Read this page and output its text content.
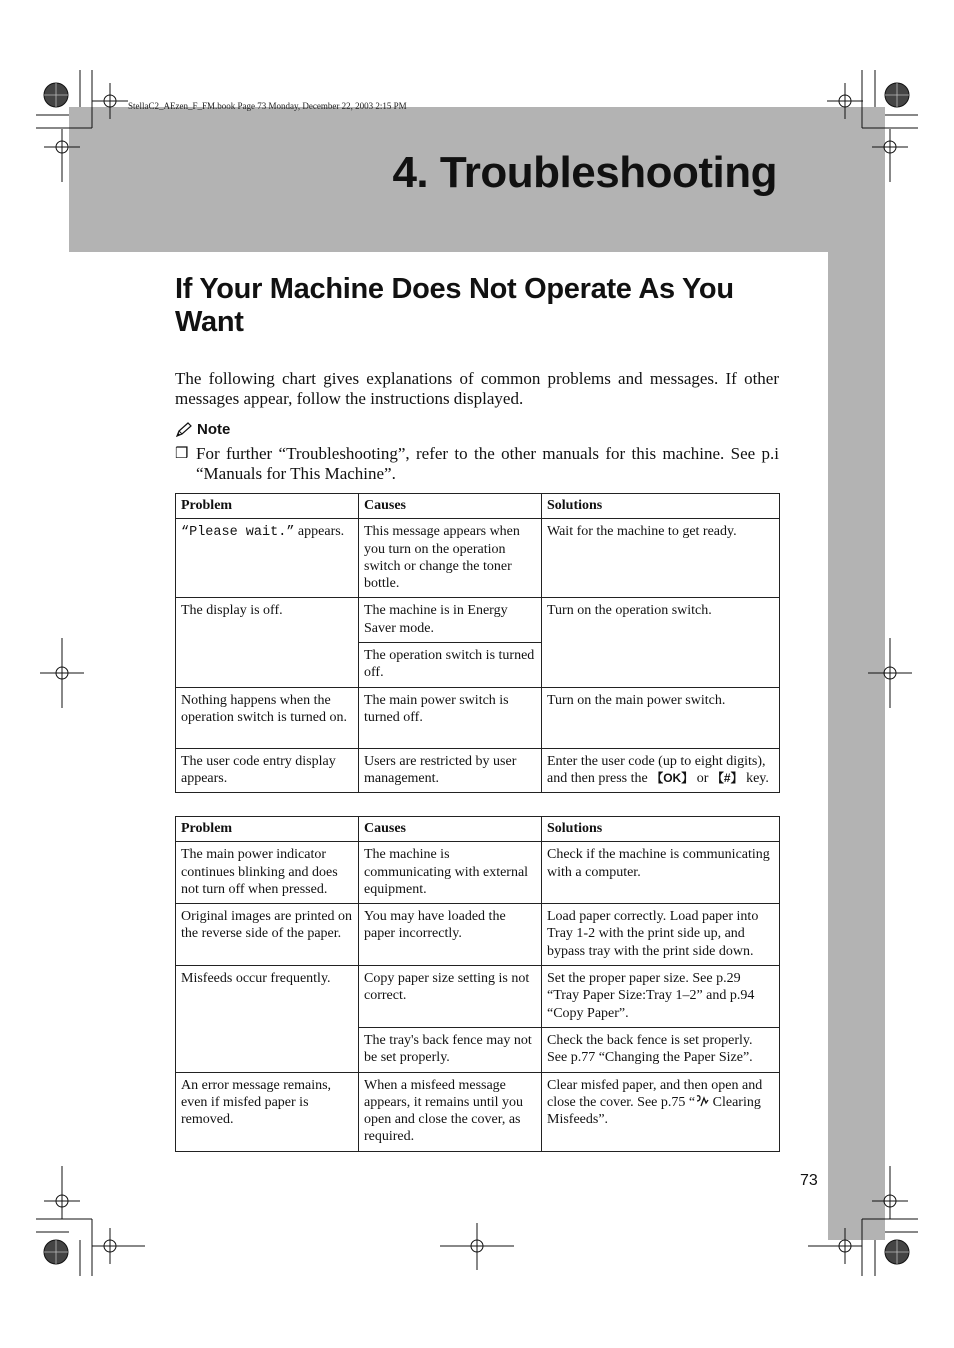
StellaC2_AEzen_F_FM.book Page 73 Monday, December 22, 2003 2:15 PM
4. Troubleshooting
If Your Machine Does Not Operate As You Want
The following chart gives explanations of common problems and messages. If other messages appear, follow the instructions displayed.
Note
❒ For further “Troubleshooting”, refer to the other manuals for this machine. See p.i “Manuals for This Machine”.
Problem	Causes	Solutions
“Please wait.” appears.	This message appears when you turn on the operation switch or change the toner bottle.	Wait for the machine to get ready.
The display is off.	The machine is in Energy Saver mode.	Turn on the operation switch.
	The operation switch is turned off.	
Nothing happens when the operation switch is turned on.	The main power switch is turned off.	Turn on the main power switch.
The user code entry display appears.	Users are restricted by user management.	Enter the user code (up to eight digits), and then press the 【OK】 or 【#】 key.
Problem	Causes	Solutions
The main power indicator continues blinking and does not turn off when pressed.	The machine is communicating with external equipment.	Check if the machine is communicating with a computer.
Original images are printed on the reverse side of the paper.	You may have loaded the paper incorrectly.	Load paper correctly. Load paper into Tray 1-2 with the print side up, and bypass tray with the print side down.
Misfeeds occur frequently.	Copy paper size setting is not correct.	Set the proper paper size. See p.29 “Tray Paper Size:Tray 1–2” and p.94 “Copy Paper”.
	The tray's back fence may not be set properly.	Check the back fence is set properly. See p.77 “Changing the Paper Size”.
An error message remains, even if misfed paper is removed.	When a misfeed message appears, it remains until you open and close the cover, as required.	Clear misfed paper, and then open and close the cover. See p.75 “ Clearing Misfeeds”.
73
